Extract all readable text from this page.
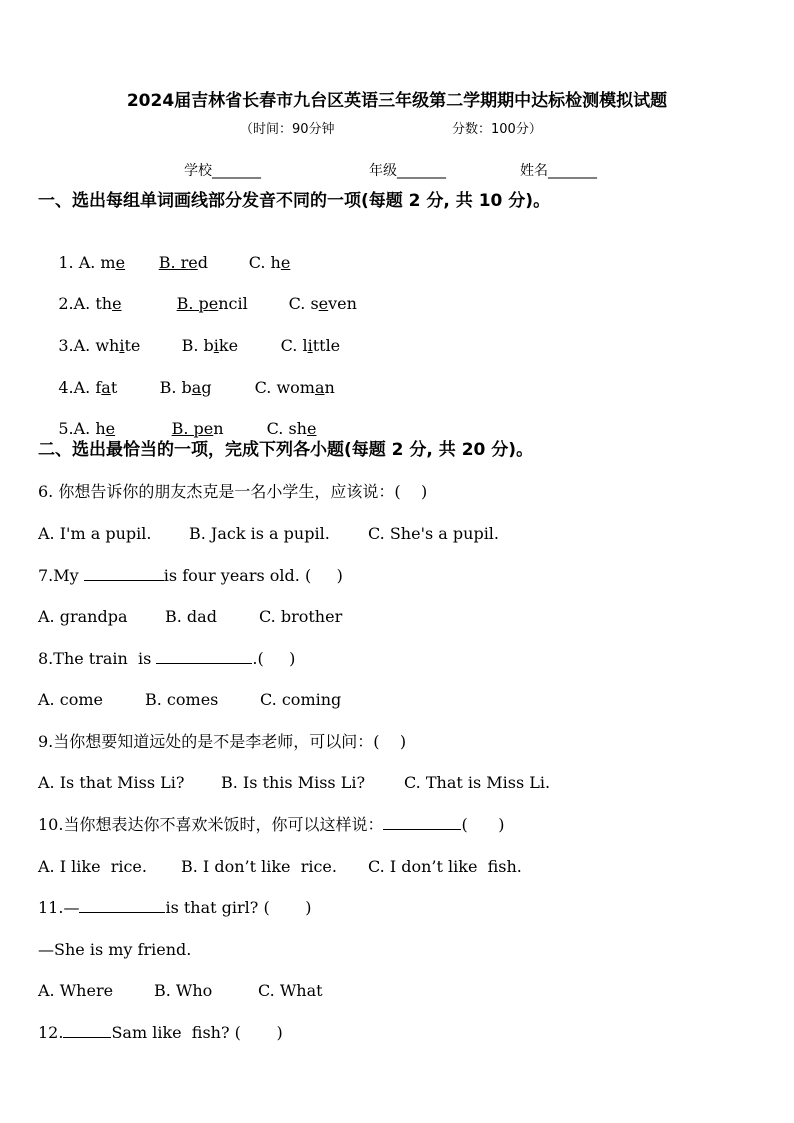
2024届吉林省长春市九台区英语三年级第二学期期中达标检测模拟试题
（时间：90分钟	分数：100分）
学校_______	年级_______	姓名_______
一、选出每组单词画线部分发音不同的一项(每题 2 分, 共 10 分)。

1. A. me B. red	C. he

2.A. the	B. pencil	C. seven

3.A. white	B. bike	C. little

4.A. fat	B. bag	C. woman

5.A. he	B. pen	C. she

二、选出最恰当的一项，完成下列各小题(每题 2 分, 共 20 分)。
6. 你想告诉你的朋友杰克是一名小学生，应该说：(    )
A. I'm a pupil. B. Jack is a pupil. C. She's a pupil.
7.My	is four years old. (     )
A. grandpa B. dad	C. brother
8.The train  is	.(     )
A. come	B. comes	C. coming
9.当你想要知道远处的是不是李老师，可以问：(    )
A. Is that Miss Li? B. Is this Miss Li? C. That is Miss Li.
10.当你想表达你不喜欢米饭时，你可以这样说：	(      )
A. I like  rice. B. I don’t like  rice. C. I don’t like  fish.
11.—	is that girl? (       )
—She is my friend.
A. Where	B. Who	C. What
12.	Sam like  fish? (       )
